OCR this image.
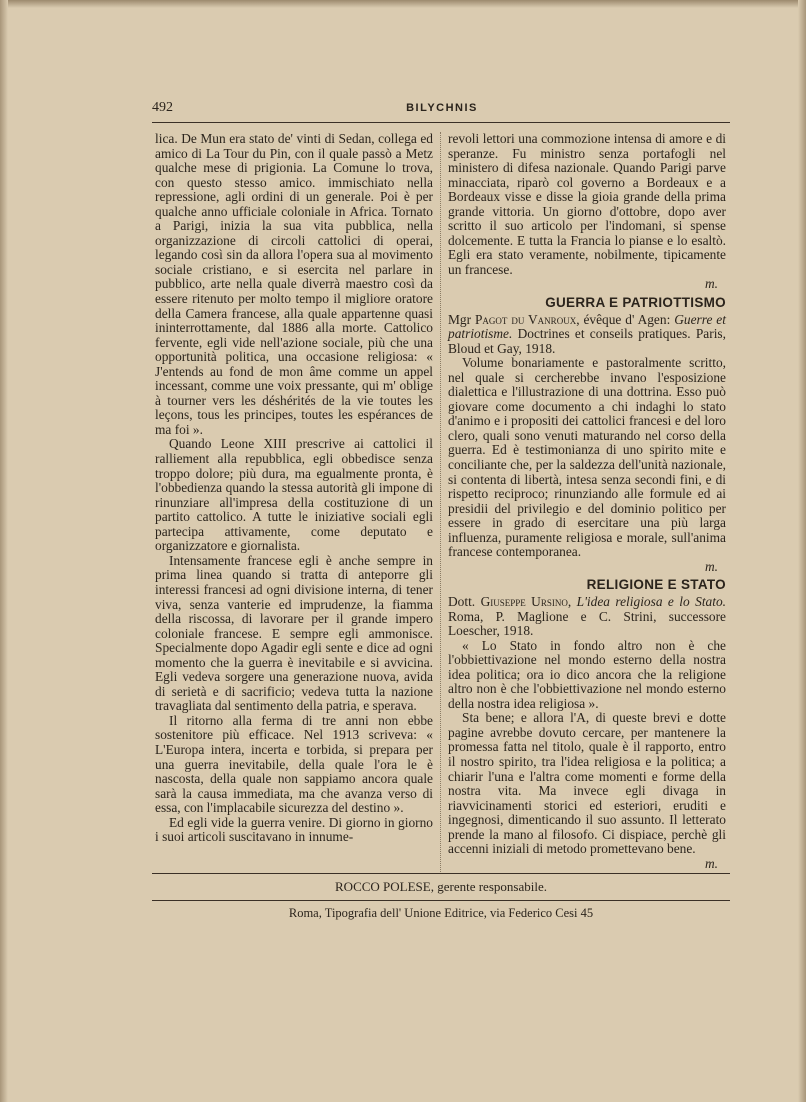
492	BILYCHNIS

lica. De Mun era stato de' vinti di Sedan, collega ed amico di La Tour du Pin, con il quale passò a Metz qualche mese di prigionia. La Comune lo trova, con questo stesso amico. immischiato nella repressione, agli ordini di un generale. Poi è per qualche anno ufficiale coloniale in Africa. Tornato a Parigi, inizia la sua vita pubblica, nella organizzazione di circoli cattolici di operai, legando così sin da allora l'opera sua al movimento sociale cristiano, e si esercita nel parlare in pubblico, arte nella quale diverrà maestro così da essere ritenuto per molto tempo il migliore oratore della Camera francese, alla quale appartenne quasi ininterrottamente, dal 1886 alla morte. Cattolico fervente, egli vide nell'azione sociale, più che una opportunità politica, una occasione religiosa: « J'entends au fond de mon âme comme un appel incessant, comme une voix pressante, qui m' oblige à tourner vers les déshérités de la vie toutes les leçons, tous les principes, toutes les espérances de ma foi ».

Quando Leone XIII prescrive ai cattolici il ralliement alla repubblica, egli obbedisce senza troppo dolore; più dura, ma egualmente pronta, è l'obbedienza quando la stessa autorità gli impone di rinunziare all'impresa della costituzione di un partito cattolico. A tutte le iniziative sociali egli partecipa attivamente, come deputato e organizzatore e giornalista.

Intensamente francese egli è anche sempre in prima linea quando si tratta di anteporre gli interessi francesi ad ogni divisione interna, di tener viva, senza vanterie ed imprudenze, la fiamma della riscossa, di lavorare per il grande impero coloniale francese. E sempre egli ammonisce. Specialmente dopo Agadir egli sente e dice ad ogni momento che la guerra è inevitabile e si avvicina. Egli vedeva sorgere una generazione nuova, avida di serietà e di sacrificio; vedeva tutta la nazione travagliata dal sentimento della patria, e sperava.

Il ritorno alla ferma di tre anni non ebbe sostenitore più efficace. Nel 1913 scriveva: « L'Europa intera, incerta e torbida, si prepara per una guerra inevitabile, della quale l'ora le è nascosta, della quale non sappiamo ancora quale sarà la causa immediata, ma che avanza verso di essa, con l'implacabile sicurezza del destino ».

Ed egli vide la guerra venire. Di giorno in giorno i suoi articoli suscitavano in innume-

revoli lettori una commozione intensa di amore e di speranze. Fu ministro senza portafogli nel ministero di difesa nazionale. Quando Parigi parve minacciata, riparò col governo a Bordeaux e a Bordeaux visse e disse la gioia grande della prima grande vittoria. Un giorno d'ottobre, dopo aver scritto il suo articolo per l'indomani, si spense dolcemente. E tutta la Francia lo pianse e lo esaltò. Egli era stato veramente, nobilmente, tipicamente un francese.

m.

GUERRA E PATRIOTTISMO

Mgr Pagot du Vanroux, évêque d' Agen: Guerre et patriotisme. Doctrines et conseils pratiques. Paris, Bloud et Gay, 1918.

Volume bonariamente e pastoralmente scritto, nel quale si cercherebbe invano l'esposizione dialettica e l'illustrazione di una dottrina. Esso può giovare come documento a chi indaghi lo stato d'animo e i propositi dei cattolici francesi e del loro clero, quali sono venuti maturando nel corso della guerra. Ed è testimonianza di uno spirito mite e conciliante che, per la saldezza dell'unità nazionale, si contenta di libertà, intesa senza secondi fini, e di rispetto reciproco; rinunziando alle formule ed ai presidii del privilegio e del dominio politico per essere in grado di esercitare una più larga influenza, puramente religiosa e morale, sull'anima francese contemporanea.

m.

RELIGIONE E STATO

Dott. Giuseppe Ursino, L'idea religiosa e lo Stato. Roma, P. Maglione e C. Strini, successore Loescher, 1918.

« Lo Stato in fondo altro non è che l'obbiettivazione nel mondo esterno della nostra idea politica; ora io dico ancora che la religione altro non è che l'obbiettivazione nel mondo esterno della nostra idea religiosa ».

Sta bene; e allora l'A, di queste brevi e dotte pagine avrebbe dovuto cercare, per mantenere la promessa fatta nel titolo, quale è il rapporto, entro il nostro spirito, tra l'idea religiosa e la politica; a chiarir l'una e l'altra come momenti e forme della nostra vita. Ma invece egli divaga in riavvicinamenti storici ed esteriori, eruditi e ingegnosi, dimenticando il suo assunto. Il letterato prende la mano al filosofo. Ci dispiace, perchè gli accenni iniziali di metodo promettevano bene.

m.

ROCCO POLESE, gerente responsabile.
Roma, Tipografia dell' Unione Editrice, via Federico Cesi 45
